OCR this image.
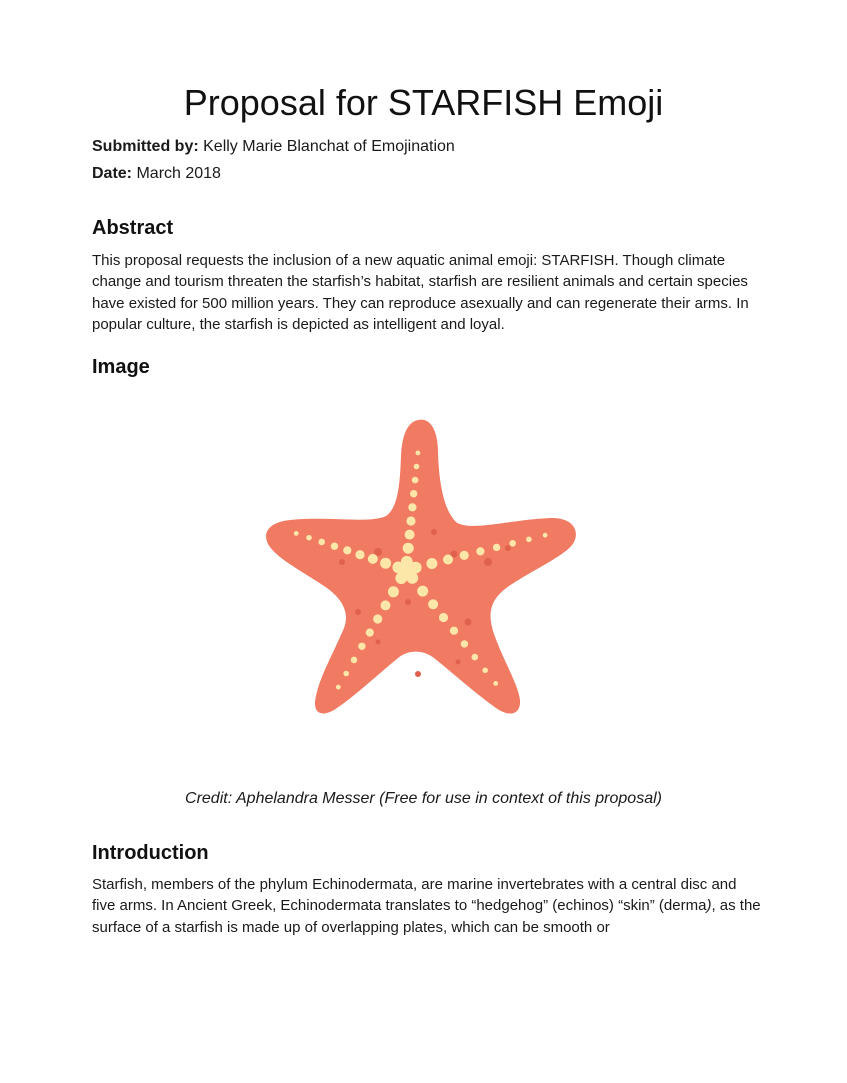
Proposal for STARFISH Emoji

Submitted by: Kelly Marie Blanchat of Emojination

Date: March 2018

Abstract

This proposal requests the inclusion of a new aquatic animal emoji: STARFISH. Though climate change and tourism threaten the starfish’s habitat, starfish are resilient animals and certain species have existed for 500 million years. They can reproduce asexually and can regenerate their arms. In popular culture, the starfish is depicted as intelligent and loyal.

Image

Credit: Aphelandra Messer (Free for use in context of this proposal)

Introduction

Starfish, members of the phylum Echinodermata, are marine invertebrates with a central disc and five arms. In Ancient Greek, Echinodermata translates to “hedgehog” (echinos) “skin” (derma), as the surface of a starfish is made up of overlapping plates, which can be smooth or
